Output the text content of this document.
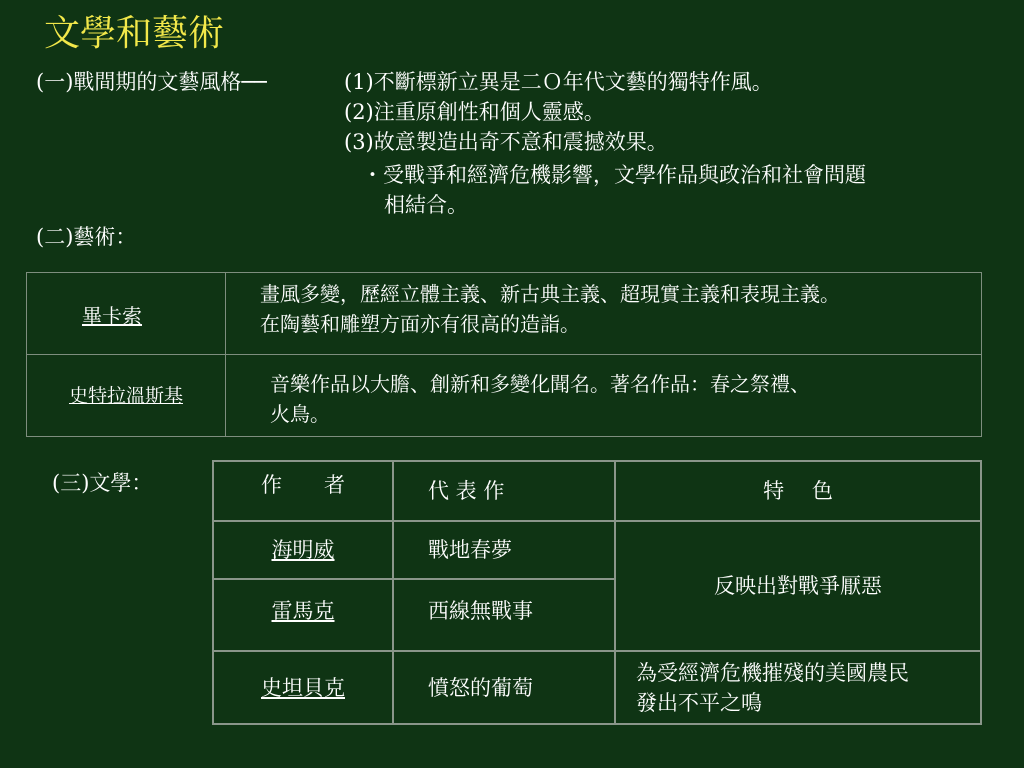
文學和藝術
(一)戰間期的文藝風格──	(1)不斷標新立異是二Ｏ年代文藝的獨特作風。
(2)注重原創性和個人靈感。
(3)故意製造出奇不意和震撼效果。
・受戰爭和經濟危機影響，文學作品與政治和社會問題
相結合。
(二)藝術：
畢卡索	畫風多變，歷經立體主義、新古典主義、超現實主義和表現主義。
在陶藝和雕塑方面亦有很高的造詣。

史特拉溫斯基	音樂作品以大膽、創新和多變化聞名。著名作品：春之祭禮、
火鳥。
(三)文學：	作　　者	代 表 作	特　 色
海明威	戰地春夢	反映出對戰爭厭惡
雷馬克	西線無戰事	
史坦貝克	憤怒的葡萄	為受經濟危機摧殘的美國農民
發出不平之鳴
